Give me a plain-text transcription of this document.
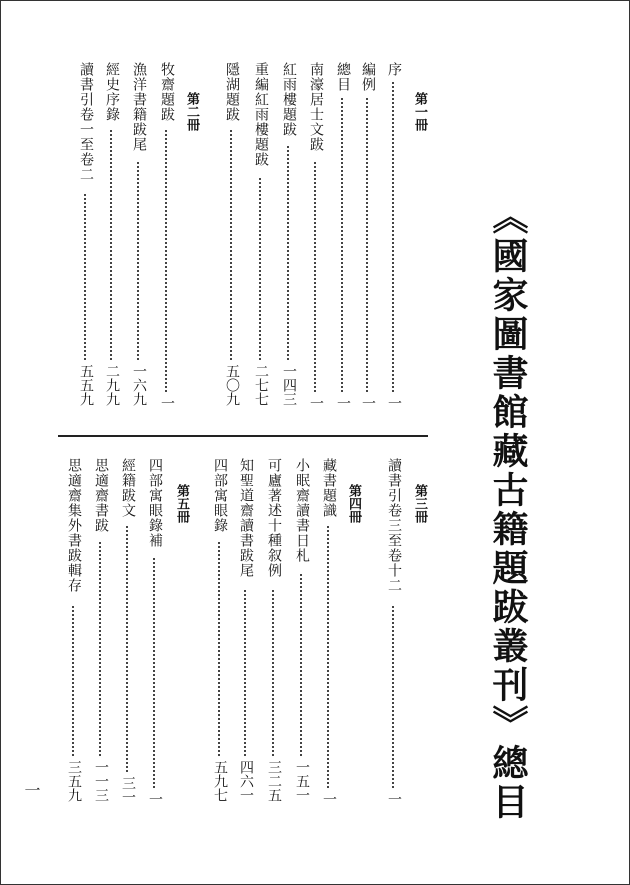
《國家圖書館藏古籍題跋叢刊》總目
第一冊
第二冊
第三冊
第四冊
第五冊
序
一
編例
一
總目
一
南濠居士文跋
一
紅雨樓題跋
一四三
重編紅雨樓題跋
二七七
隱湖題跋
五〇九
牧齋題跋
一
漁洋書籍跋尾
一六九
經史序錄
二九九
讀書引卷一至卷二
五五九
讀書引卷三至卷十二
一
藏書題識
一
小眠齋讀書日札
一五一
可廬著述十種叙例
三二五
知聖道齋讀書跋尾
四六一
四部寓眼錄
五九七
四部寓眼錄補
一
經籍跋文
三一
思適齋書跋
一一三
思適齋集外書跋輯存
三五九
一
